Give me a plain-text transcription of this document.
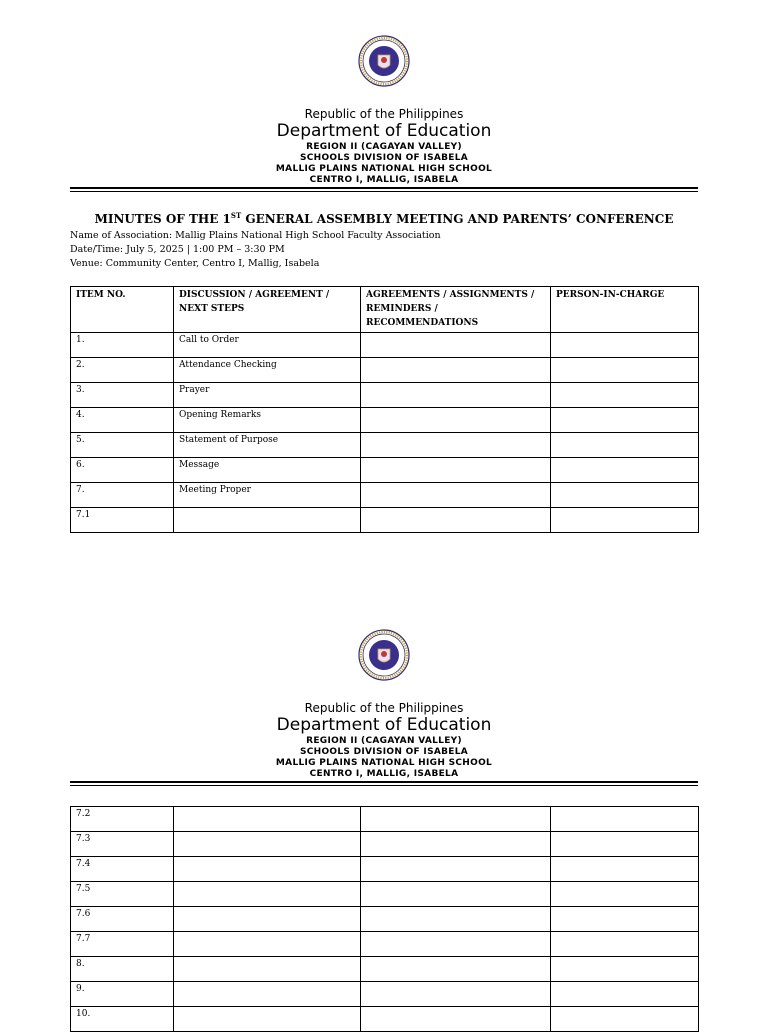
Republic of the Philippines
Department of Education
REGION II (CAGAYAN VALLEY)
SCHOOLS DIVISION OF ISABELA
MALLIG PLAINS NATIONAL HIGH SCHOOL
CENTRO I, MALLIG, ISABELA
MINUTES OF THE 1ST GENERAL ASSEMBLY MEETING AND PARENTS’ CONFERENCE
Name of Association: Mallig Plains National High School Faculty Association
Date/Time: July 5, 2025 | 1:00 PM – 3:30 PM
Venue: Community Center, Centro I, Mallig, Isabela
ITEM NO.	DISCUSSION / AGREEMENT / NEXT STEPS	AGREEMENTS / ASSIGNMENTS / REMINDERS / RECOMMENDATIONS	PERSON-IN-CHARGE
1.	Call to Order		
2.	Attendance Checking		
3.	Prayer		
4.	Opening Remarks		
5.	Statement of Purpose		
6.	Message		
7.	Meeting Proper		
7.1			
Republic of the Philippines
Department of Education
REGION II (CAGAYAN VALLEY)
SCHOOLS DIVISION OF ISABELA
MALLIG PLAINS NATIONAL HIGH SCHOOL
CENTRO I, MALLIG, ISABELA
7.2			
7.3			
7.4			
7.5			
7.6			
7.7			
8.			
9.			
10.			
